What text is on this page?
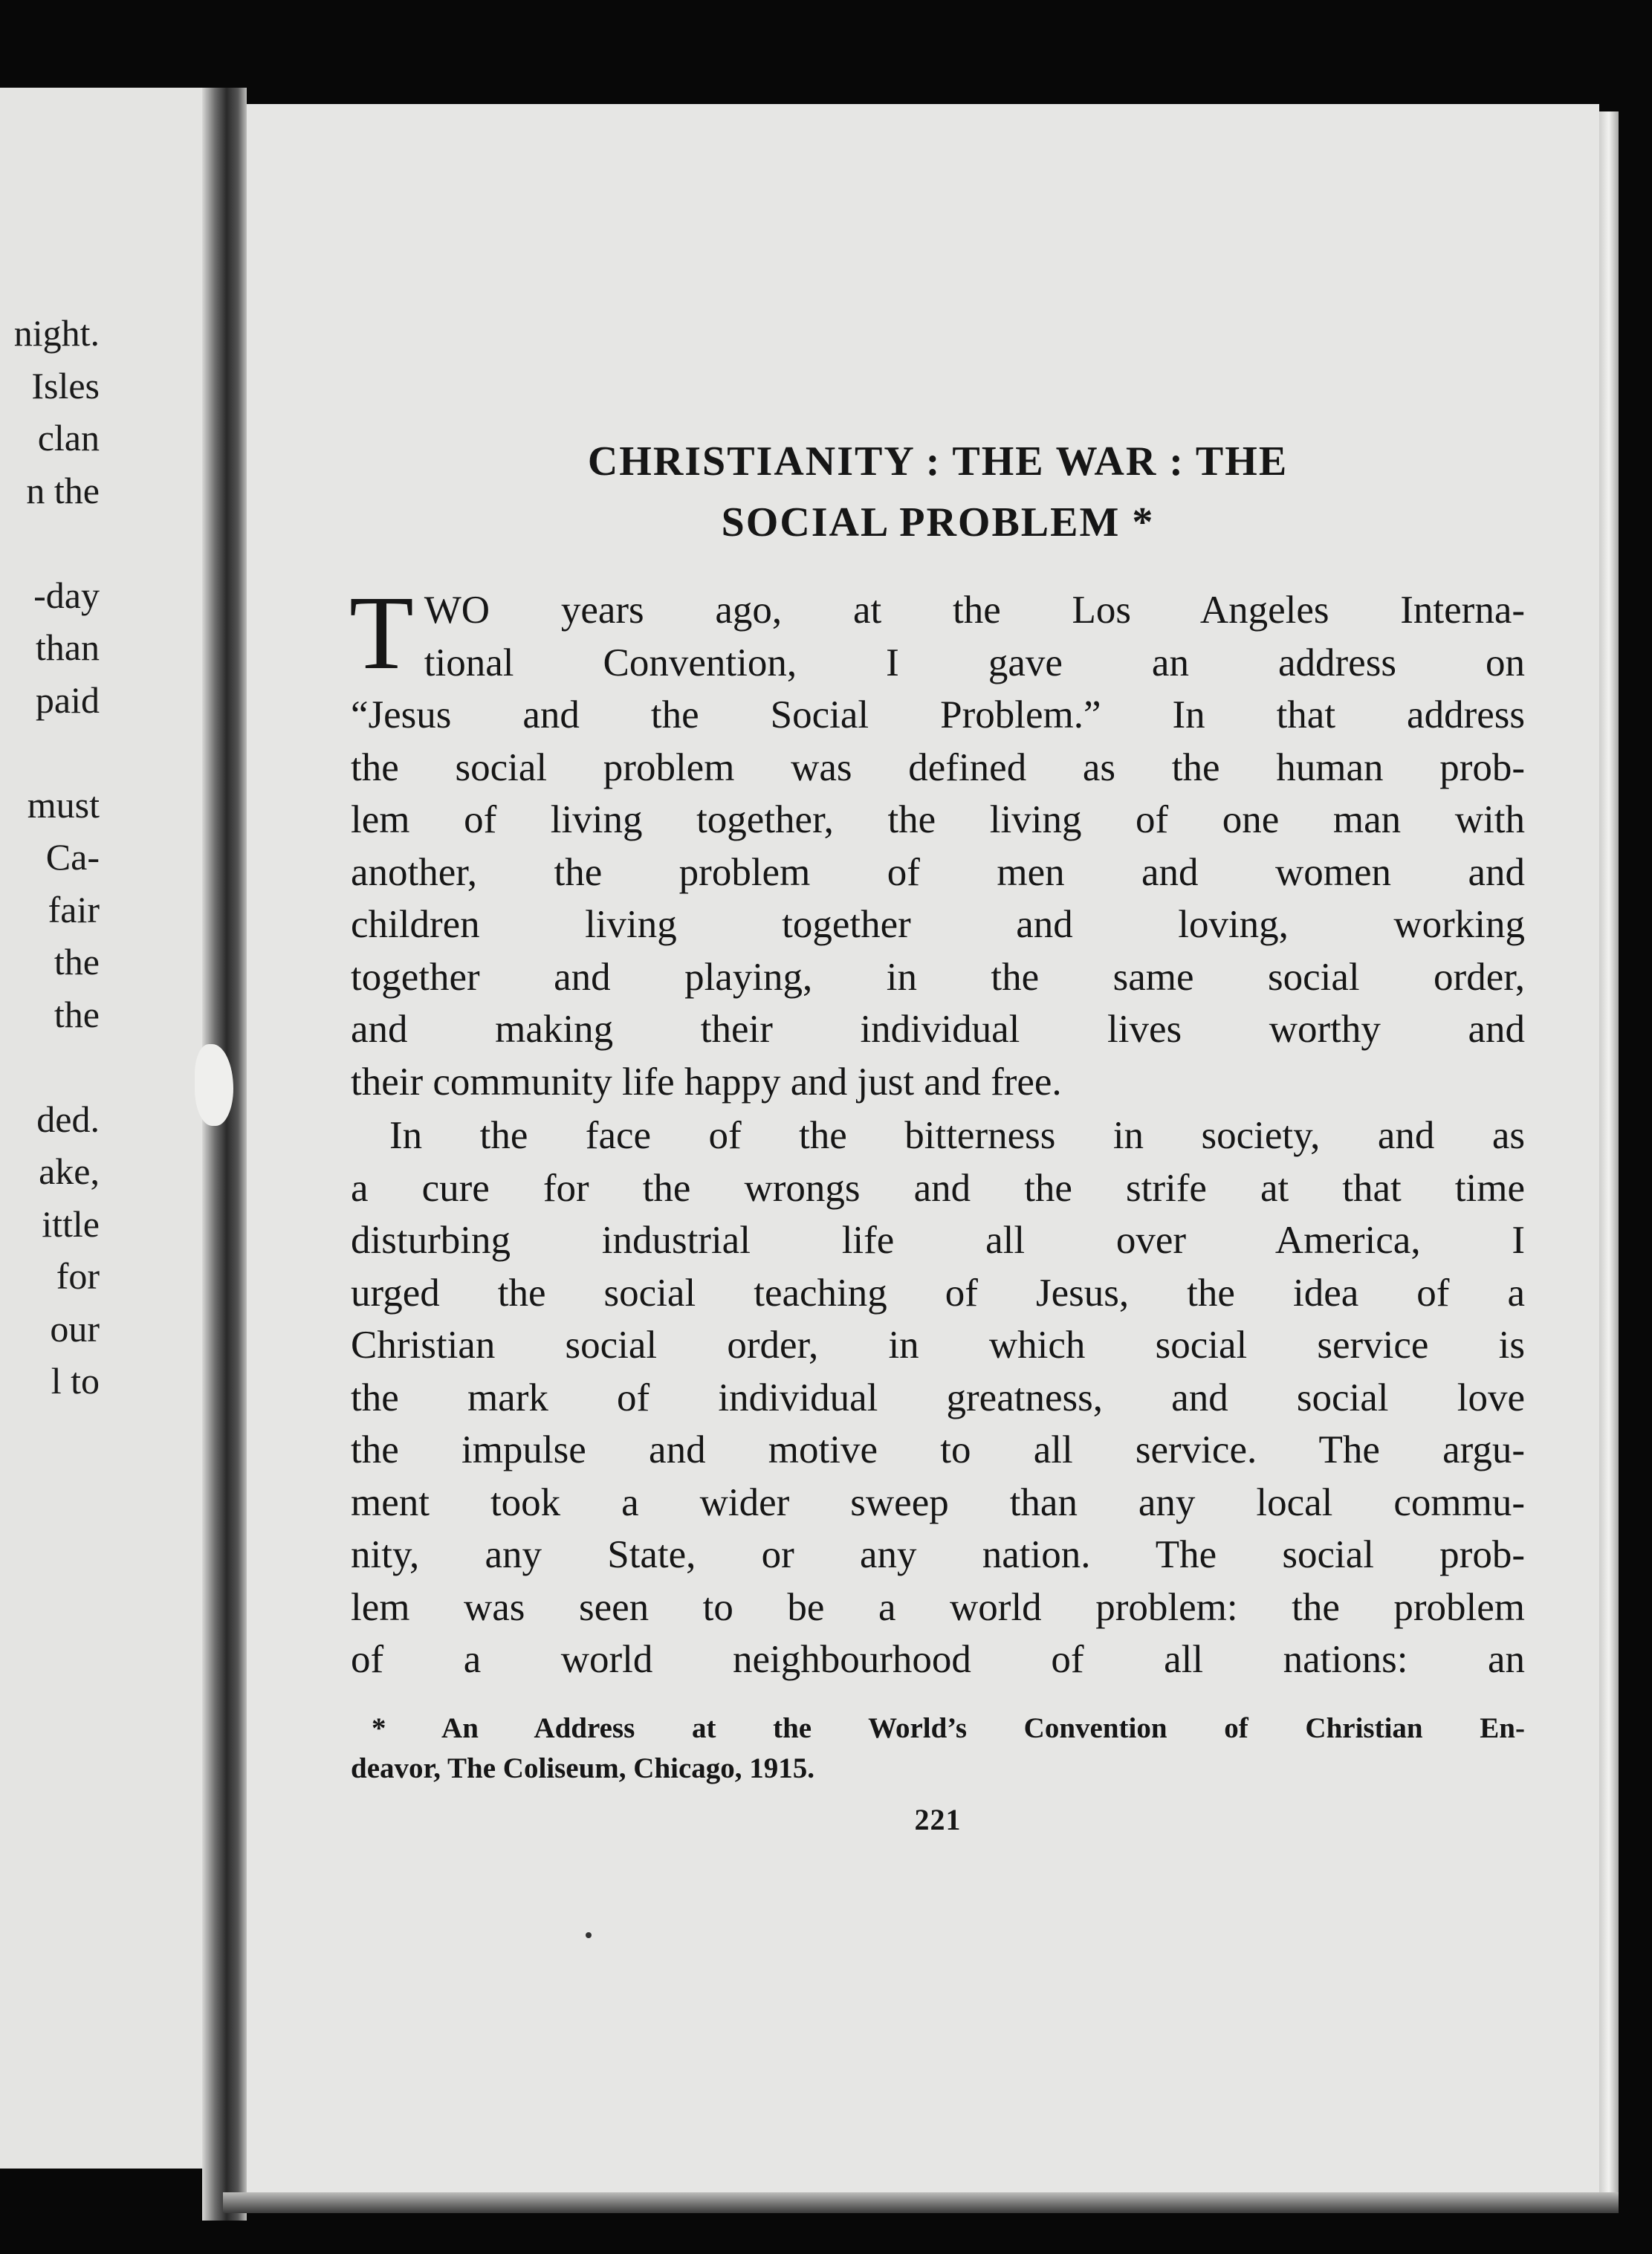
night.
Isles
clan
n the
-day
than
paid
must
Ca-
fair
the
the
ded.
ake,
ittle
for
our
l to
CHRISTIANITY : THE WAR : THE
SOCIAL PROBLEM *
T WO years ago, at the Los Angeles Interna-
tional Convention, I gave an address on
“Jesus and the Social Problem.” In that address
the social problem was defined as the human prob-
lem of living together, the living of one man with
another, the problem of men and women and
children living together and loving, working
together and playing, in the same social order,
and making their individual lives worthy and
their community life happy and just and free.
In the face of the bitterness in society, and as
a cure for the wrongs and the strife at that time
disturbing industrial life all over America, I
urged the social teaching of Jesus, the idea of a
Christian social order, in which social service is
the mark of individual greatness, and social love
the impulse and motive to all service. The argu-
ment took a wider sweep than any local commu-
nity, any State, or any nation. The social prob-
lem was seen to be a world problem: the problem
of a world neighbourhood of all nations: an
* An Address at the World’s Convention of Christian En-
deavor, The Coliseum, Chicago, 1915.
221
